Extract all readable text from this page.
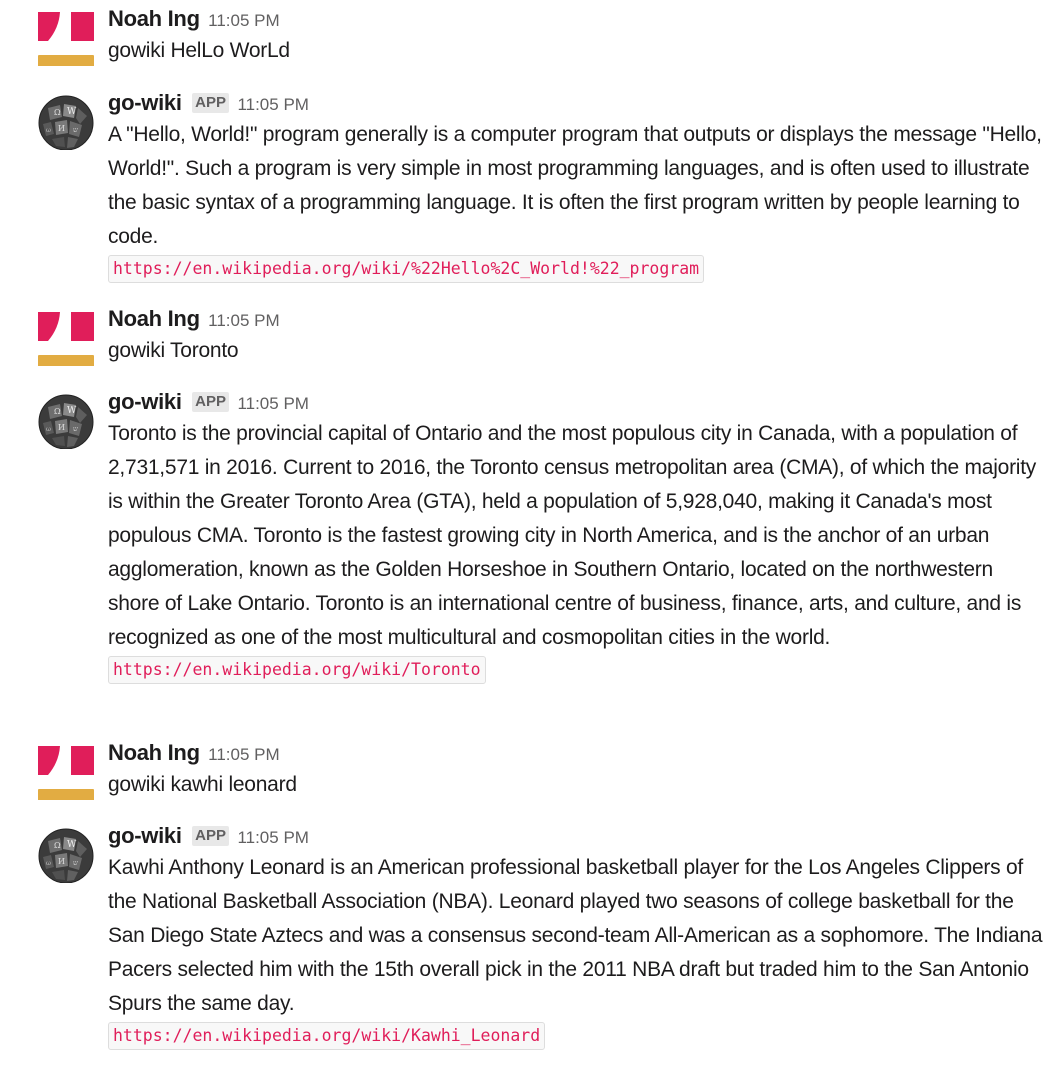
Noah Ing 11:05 PM

gowiki HelLo WorLd

Ω W
И ש
ω
go-wiki APP 11:05 PM

A "Hello, World!" program generally is a computer program that outputs or displays the message "Hello, World!". Such a program is very simple in most programming languages, and is often used to illustrate the basic syntax of a programming language. It is often the first program written by people learning to code.

https://en.wikipedia.org/wiki/%22Hello%2C_World!%22_program
Noah Ing 11:05 PM

gowiki Toronto

Ω W
И ש
ω
go-wiki APP 11:05 PM

Toronto is the provincial capital of Ontario and the most populous city in Canada, with a population of 2,731,571 in 2016. Current to 2016, the Toronto census metropolitan area (CMA), of which the majority is within the Greater Toronto Area (GTA), held a population of 5,928,040, making it Canada's most populous CMA. Toronto is the fastest growing city in North America, and is the anchor of an urban agglomeration, known as the Golden Horseshoe in Southern Ontario, located on the northwestern shore of Lake Ontario. Toronto is an international centre of business, finance, arts, and culture, and is recognized as one of the most multicultural and cosmopolitan cities in the world.

https://en.wikipedia.org/wiki/Toronto
Noah Ing 11:05 PM

gowiki kawhi leonard

Ω W
И ש
ω
go-wiki APP 11:05 PM

Kawhi Anthony Leonard is an American professional basketball player for the Los Angeles Clippers of the National Basketball Association (NBA). Leonard played two seasons of college basketball for the San Diego State Aztecs and was a consensus second-team All-American as a sophomore. The Indiana Pacers selected him with the 15th overall pick in the 2011 NBA draft but traded him to the San Antonio Spurs the same day.

https://en.wikipedia.org/wiki/Kawhi_Leonard
